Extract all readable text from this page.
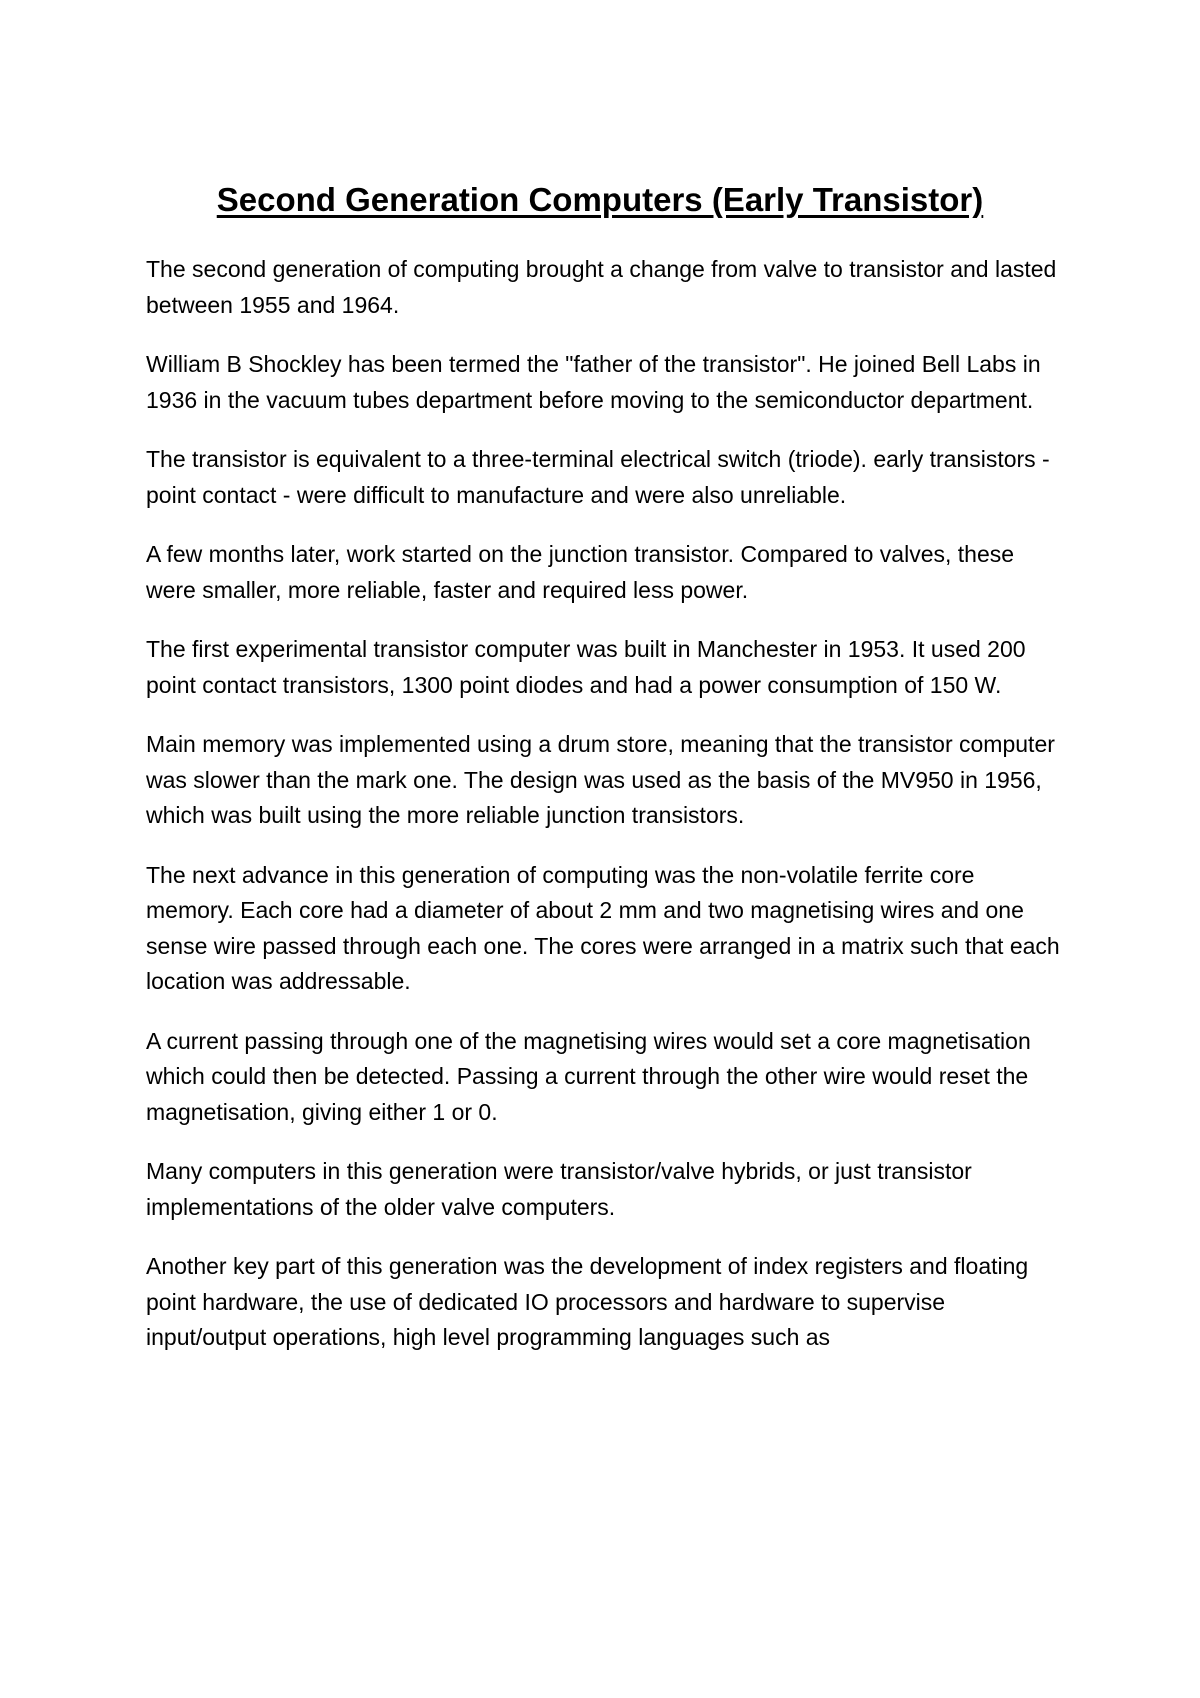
Second Generation Computers (Early Transistor)

The second generation of computing brought a change from valve to transistor and lasted between 1955 and 1964.

William B Shockley has been termed the "father of the transistor". He joined Bell Labs in 1936 in the vacuum tubes department before moving to the semiconductor department.

The transistor is equivalent to a three-terminal electrical switch (triode). early transistors - point contact - were difficult to manufacture and were also unreliable.

A few months later, work started on the junction transistor. Compared to valves, these were smaller, more reliable, faster and required less power.

The first experimental transistor computer was built in Manchester in 1953. It used 200 point contact transistors, 1300 point diodes and had a power consumption of 150 W.

Main memory was implemented using a drum store, meaning that the transistor computer was slower than the mark one. The design was used as the basis of the MV950 in 1956, which was built using the more reliable junction transistors.

The next advance in this generation of computing was the non-volatile ferrite core memory. Each core had a diameter of about 2 mm and two magnetising wires and one sense wire passed through each one. The cores were arranged in a matrix such that each location was addressable.

A current passing through one of the magnetising wires would set a core magnetisation which could then be detected. Passing a current through the other wire would reset the magnetisation, giving either 1 or 0.

Many computers in this generation were transistor/valve hybrids, or just transistor implementations of the older valve computers.

Another key part of this generation was the development of index registers and floating point hardware, the use of dedicated IO processors and hardware to supervise input/output operations, high level programming languages such as
